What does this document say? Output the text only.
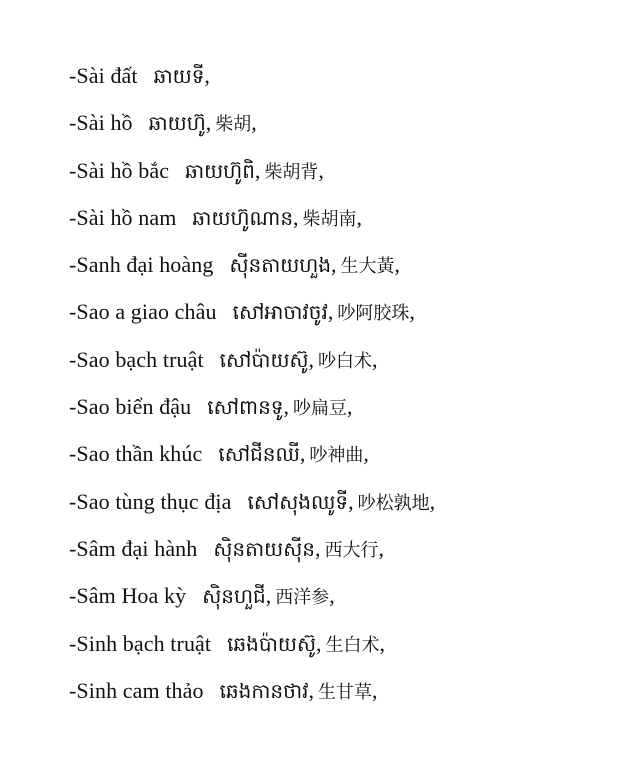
-Sài đất ឆាយទី,
-Sài hồ ឆាយហ៊ូ, 柴胡,
-Sài hồ bắc ឆាយហ៊ូពិ, 柴胡背,
-Sài hồ nam ឆាយហ៊ូណាន, 柴胡南,
-Sanh đại hoàng ស៊ីនតាយហួង, 生大黃,
-Sao a giao châu សៅអាចាវចូវ, 吵阿胶珠,
-Sao bạch truật សៅប៉ាយស៊ូ, 吵白术,
-Sao biển đậu សៅពានទូ, 吵扁豆,
-Sao thần khúc សៅជីនឈី, 吵神曲,
-Sao tùng thục địa សៅសុងឈូទី, 吵松孰地,
-Sâm đại hành ស៊ិនតាយស៊ីន, 西大行,
-Sâm Hoa kỳ ស៊ិនហួជី, 西洋参,
-Sinh bạch truật ឆេងប៉ាយស៊ូ, 生白术,
-Sinh cam thảo ឆេងកានថាវ, 生甘草,
